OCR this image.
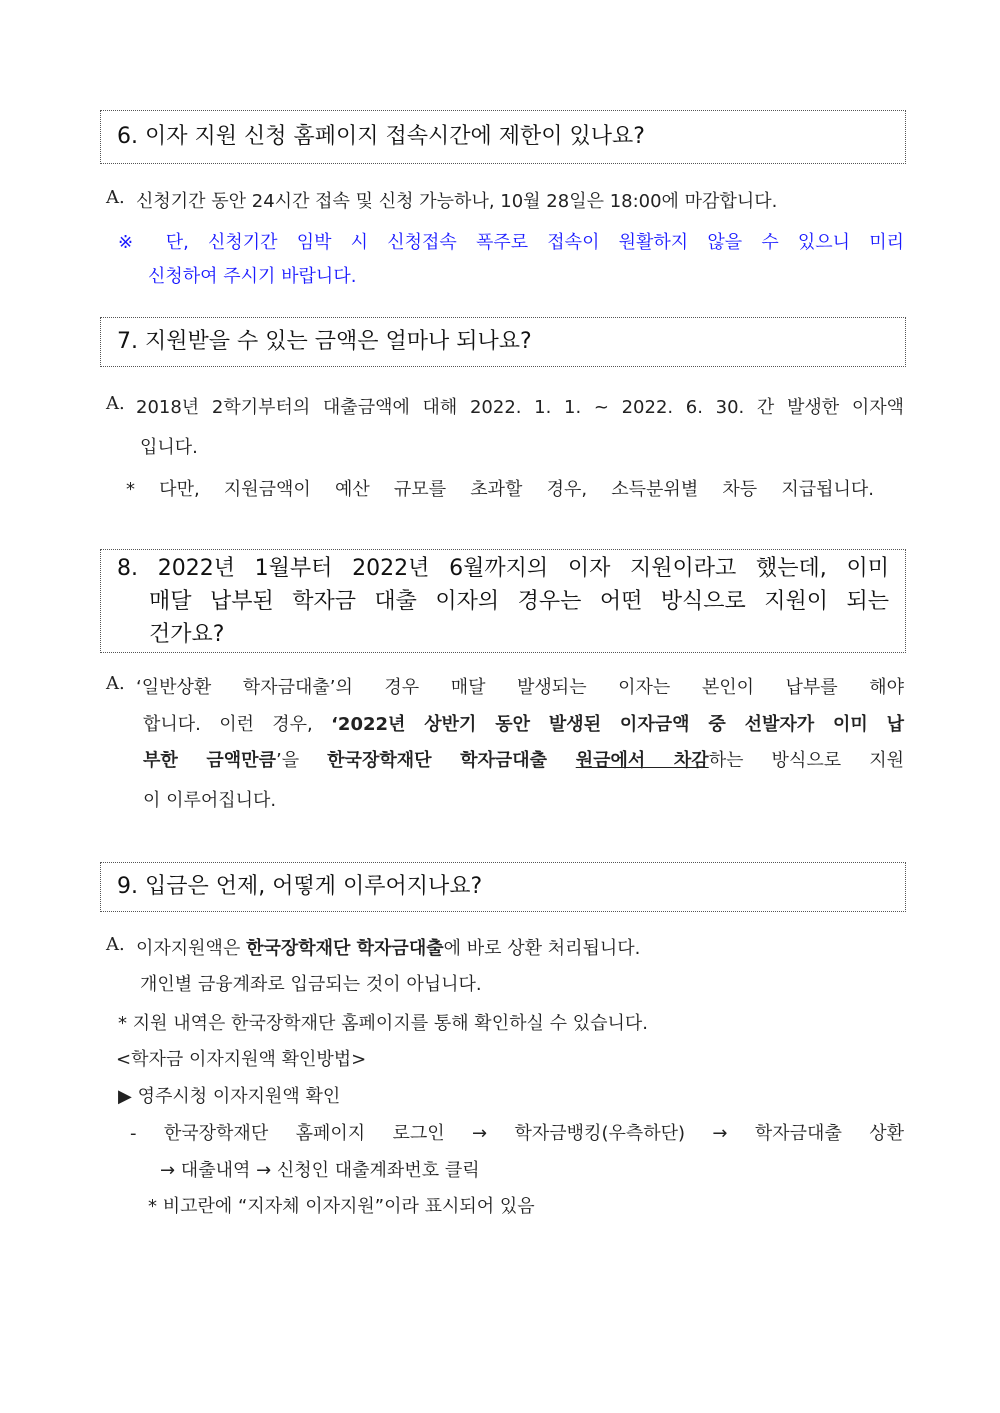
6. 이자 지원 신청 홈페이지 접속시간에 제한이 있나요?
A. 신청기간 동안 24시간 접속 및 신청 가능하나, 10월 28일은 18:00에 마감합니다.
※ 단, 신청기간 임박 시 신청접속 폭주로 접속이 원활하지 않을 수 있으니 미리
신청하여 주시기 바랍니다.
7. 지원받을 수 있는 금액은 얼마나 되나요?
A. 2018년 2학기부터의 대출금액에 대해 2022. 1. 1. ~ 2022. 6. 30. 간 발생한 이자액
입니다.
* 다만, 지원금액이 예산 규모를 초과할 경우, 소득분위별 차등 지급됩니다.
8. 2022년 1월부터 2022년 6월까지의 이자 지원이라고 했는데, 이미
매달 납부된 학자금 대출 이자의 경우는 어떤 방식으로 지원이 되는
건가요?
A. ‘일반상환 학자금대출’의 경우 매달 발생되는 이자는 본인이 납부를 해야
합니다. 이런 경우, ‘2022년 상반기 동안 발생된 이자금액 중 선발자가 이미 납
부한 금액만큼’을 한국장학재단 학자금대출 원금에서 차감하는 방식으로 지원
이 이루어집니다.
9. 입금은 언제, 어떻게 이루어지나요?
A. 이자지원액은 한국장학재단 학자금대출에 바로 상환 처리됩니다.
개인별 금융계좌로 입금되는 것이 아닙니다.
* 지원 내역은 한국장학재단 홈페이지를 통해 확인하실 수 있습니다.
<학자금 이자지원액 확인방법>
▶ 영주시청 이자지원액 확인
- 한국장학재단 홈페이지 로그인 → 학자금뱅킹(우측하단) → 학자금대출 상환
→ 대출내역 → 신청인 대출계좌번호 클릭
* 비고란에 “지자체 이자지원”이라 표시되어 있음
